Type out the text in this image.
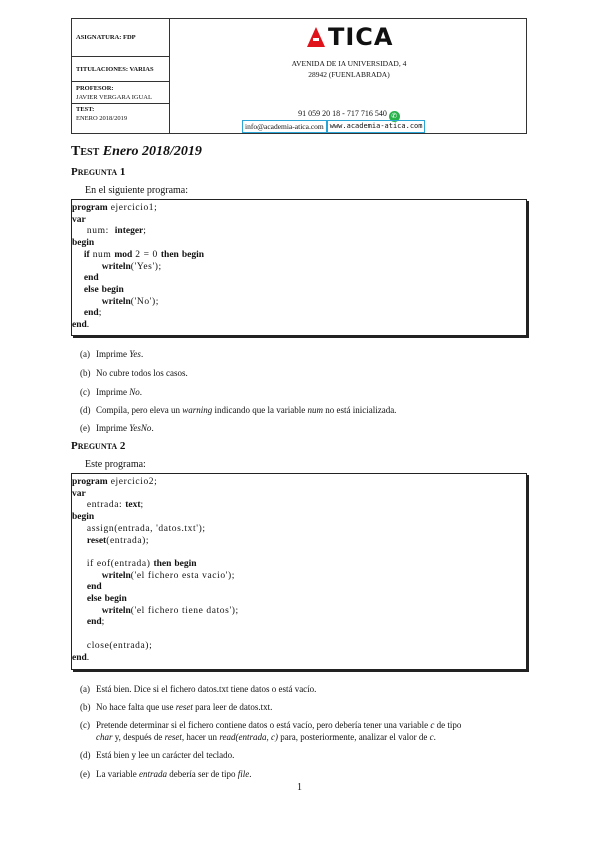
ASIGNATURA: FDP
TITULACIONES: VARIAS
PROFESOR:
JAVIER VERGARA IGUAL
TEST:
ENERO 2018/2019
TICA
AVENIDA DE IA UNIVERSIDAD, 4
28942 (FUENLABRADA)
91 059 20 18 - 717 716 540 ✆
info@academia-atica.com www.academia-atica.com
Test Enero 2018/2019
Pregunta 1
En el siguiente programa:
program ejercicio1;
var
num:  integer;
begin
if num mod 2 = 0 then begin
writeln('Yes');
end
else begin
writeln('No');
end;
end.
(a) Imprime Yes.
(b) No cubre todos los casos.
(c) Imprime No.
(d) Compila, pero eleva un warning indicando que la variable num no está inicializada.
(e) Imprime YesNo.
Pregunta 2
Este programa:
program ejercicio2;
var
entrada: text;
begin
assign(entrada, 'datos.txt');
reset(entrada);
if eof(entrada) then begin
writeln('el fichero esta vacio');
end
else begin
writeln('el fichero tiene datos');
end;
close(entrada);
end.
(a) Está bien. Dice si el fichero datos.txt tiene datos o está vacío.
(b) No hace falta que use reset para leer de datos.txt.
(c) Pretende determinar si el fichero contiene datos o está vacío, pero debería tener una variable c de tipo
char y, después de reset, hacer un read(entrada, c) para, posteriormente, analizar el valor de c.
(d) Está bien y lee un carácter del teclado.
(e) La variable entrada debería ser de tipo file.
1
